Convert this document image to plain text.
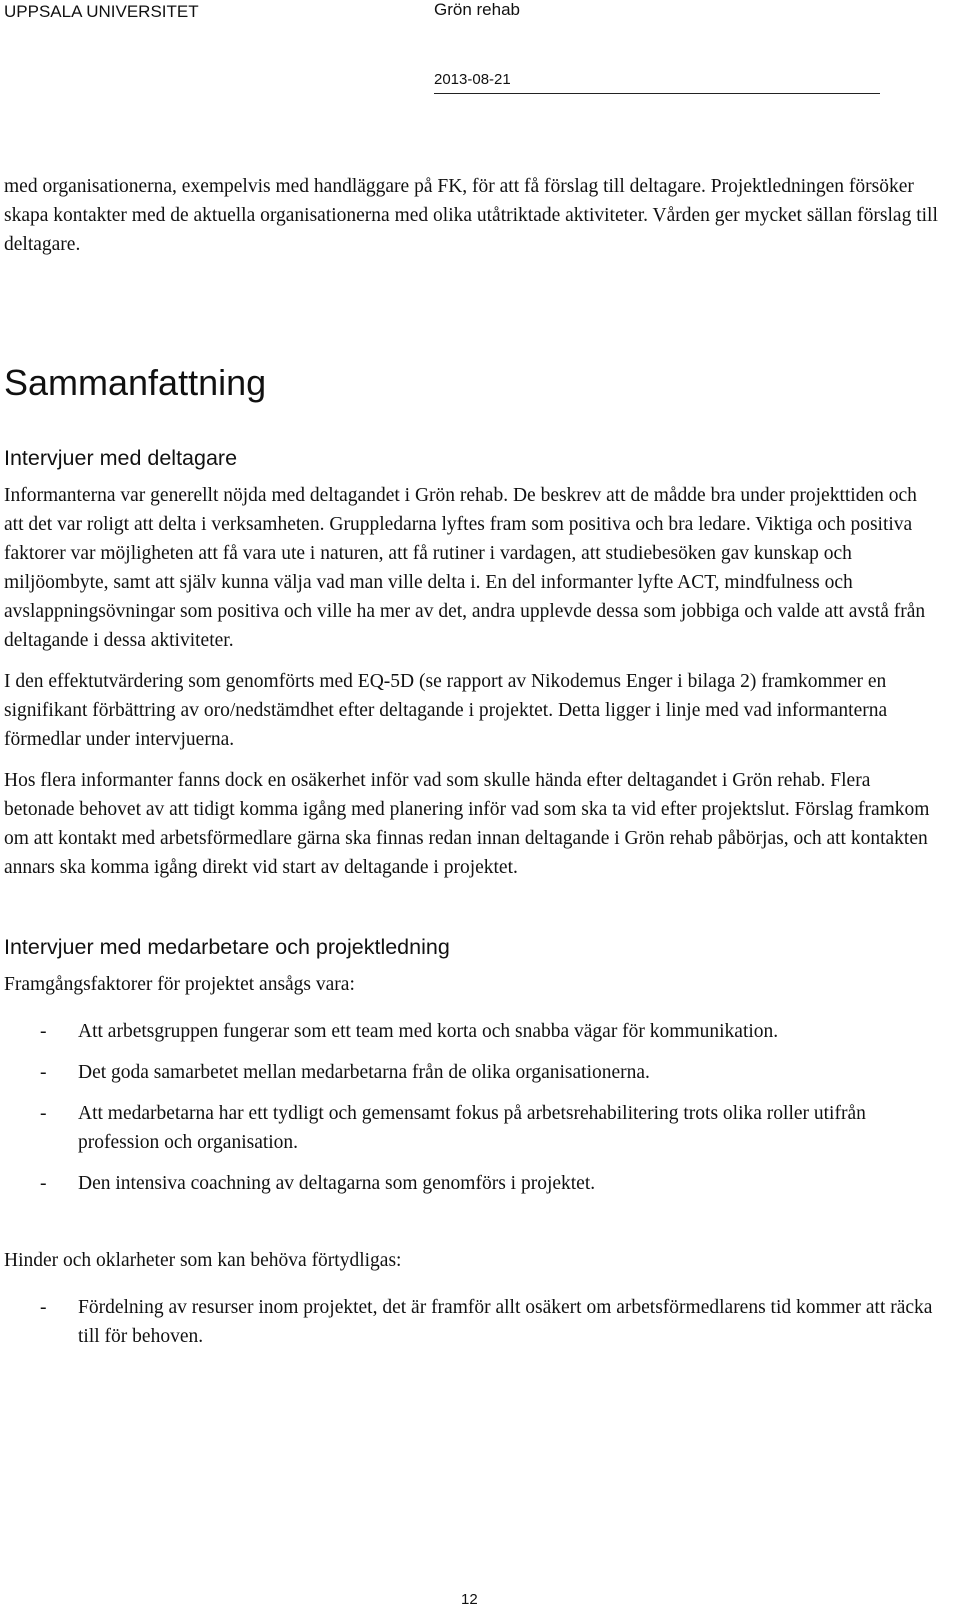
UPPSALA UNIVERSITET	Grön rehab
2013-08-21

med organisationerna, exempelvis med handläggare på FK, för att få förslag till deltagare. Projektledningen försöker skapa kontakter med de aktuella organisationerna med olika utåtriktade aktiviteter. Vården ger mycket sällan förslag till deltagare.

Sammanfattning
Intervjuer med deltagare

Informanterna var generellt nöjda med deltagandet i Grön rehab. De beskrev att de mådde bra under projekttiden och att det var roligt att delta i verksamheten. Gruppledarna lyftes fram som positiva och bra ledare. Viktiga och positiva faktorer var möjligheten att få vara ute i naturen, att få rutiner i vardagen, att studiebesöken gav kunskap och miljöombyte, samt att själv kunna välja vad man ville delta i. En del informanter lyfte ACT, mindfulness och avslappningsövningar som positiva och ville ha mer av det, andra upplevde dessa som jobbiga och valde att avstå från deltagande i dessa aktiviteter.

I den effektutvärdering som genomförts med EQ-5D (se rapport av Nikodemus Enger i bilaga 2) framkommer en signifikant förbättring av oro/nedstämdhet efter deltagande i projektet. Detta ligger i linje med vad informanterna förmedlar under intervjuerna.

Hos flera informanter fanns dock en osäkerhet inför vad som skulle hända efter deltagandet i Grön rehab. Flera betonade behovet av att tidigt komma igång med planering inför vad som ska ta vid efter projektslut. Förslag framkom om att kontakt med arbetsförmedlare gärna ska finnas redan innan deltagande i Grön rehab påbörjas, och att kontakten annars ska komma igång direkt vid start av deltagande i projektet.

Intervjuer med medarbetare och projektledning

Framgångsfaktorer för projektet ansågs vara:

- Att arbetsgruppen fungerar som ett team med korta och snabba vägar för kommunikation.
- Det goda samarbetet mellan medarbetarna från de olika organisationerna.
- Att medarbetarna har ett tydligt och gemensamt fokus på arbetsrehabilitering trots olika roller utifrån profession och organisation.
- Den intensiva coachning av deltagarna som genomförs i projektet.

Hinder och oklarheter som kan behöva förtydligas:

- Fördelning av resurser inom projektet, det är framför allt osäkert om arbetsförmedlarens tid kommer att räcka till för behoven.
12
